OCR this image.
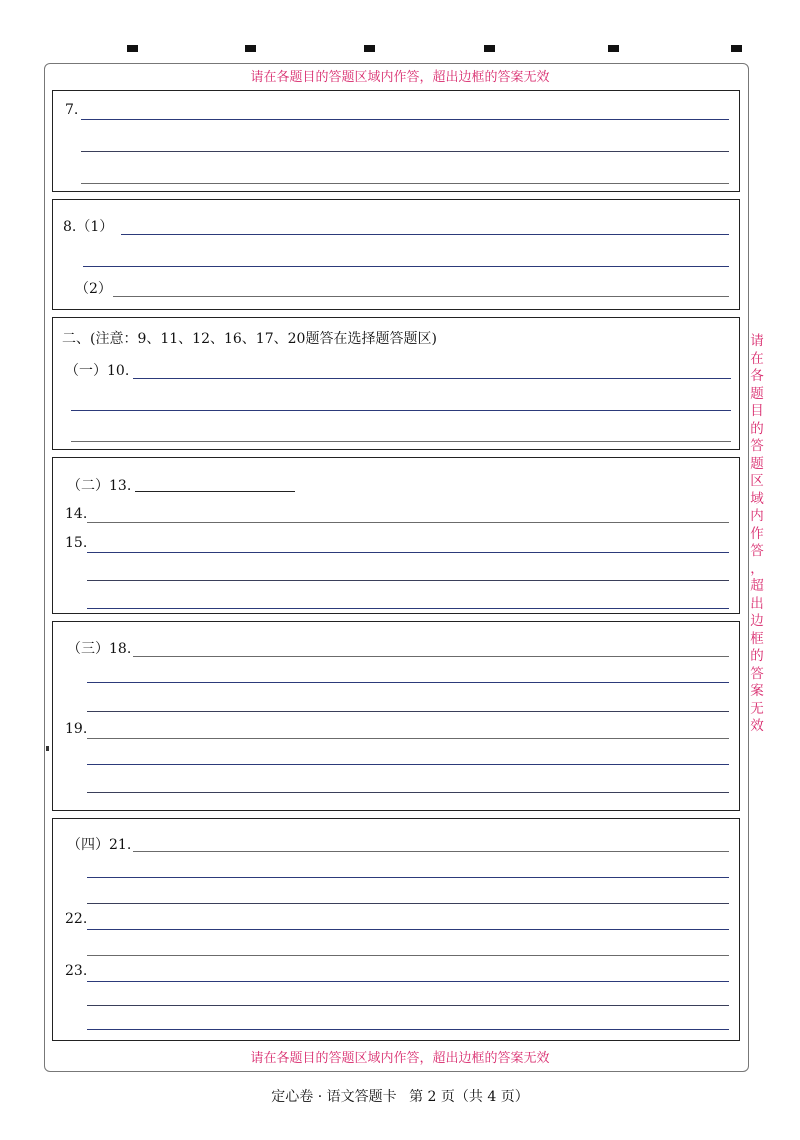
请在各题目的答题区域内作答，超出边框的答案无效
请在各题目的答题区域内作答，超出边框的答案无效
请
在
各
题
目
的
答
题
区
域
内
作
答
，
超
出
边
框
的
答
案
无
效
7.
8.（1）
（2）
二、(注意：9、11、12、16、17、20题答在选择题答题区)
（一）10.
（二）13.
14.
15.
（三）18.
19.
（四）21.
22.
23.
定心卷 · 语文答题卡 第 2 页（共 4 页）
